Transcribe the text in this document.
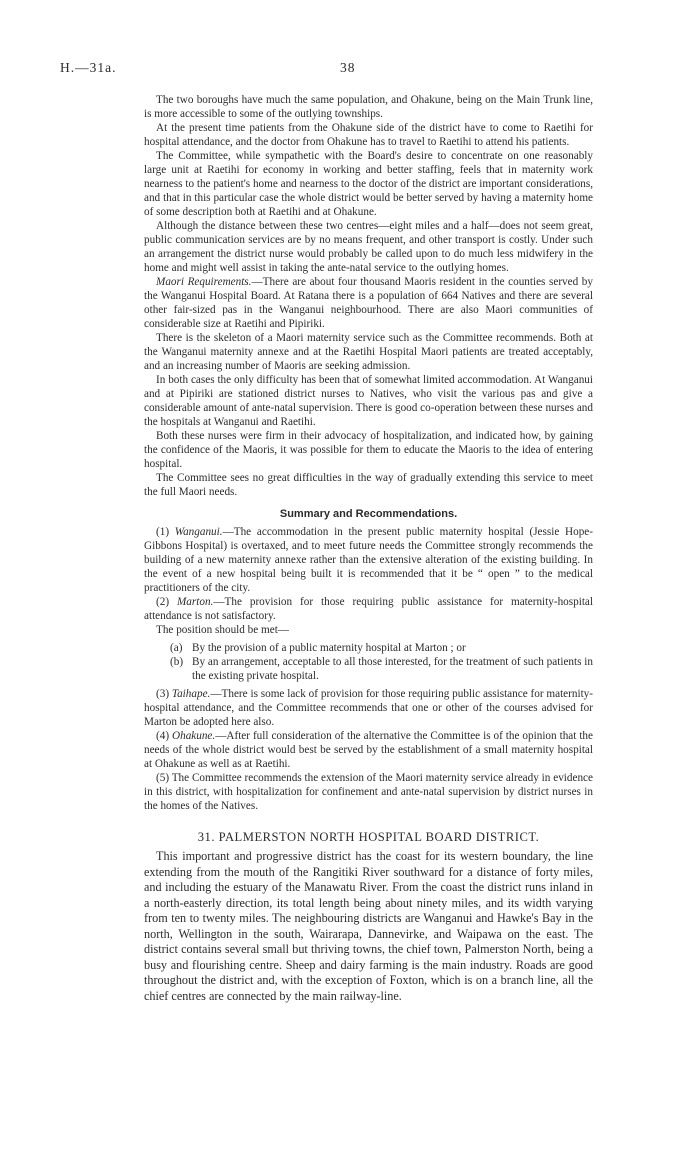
H.—31a.	38

The two boroughs have much the same population, and Ohakune, being on the Main Trunk line, is more accessible to some of the outlying townships.

At the present time patients from the Ohakune side of the district have to come to Raetihi for hospital attendance, and the doctor from Ohakune has to travel to Raetihi to attend his patients.

The Committee, while sympathetic with the Board's desire to concentrate on one reasonably large unit at Raetihi for economy in working and better staffing, feels that in maternity work nearness to the patient's home and nearness to the doctor of the district are important considerations, and that in this particular case the whole district would be better served by having a maternity home of some description both at Raetihi and at Ohakune.

Although the distance between these two centres—eight miles and a half—does not seem great, public communication services are by no means frequent, and other transport is costly. Under such an arrangement the district nurse would probably be called upon to do much less midwifery in the home and might well assist in taking the ante-natal service to the outlying homes.

Maori Requirements.—There are about four thousand Maoris resident in the counties served by the Wanganui Hospital Board. At Ratana there is a population of 664 Natives and there are several other fair-sized pas in the Wanganui neighbourhood. There are also Maori communities of considerable size at Raetihi and Pipiriki.

There is the skeleton of a Maori maternity service such as the Committee recommends. Both at the Wanganui maternity annexe and at the Raetihi Hospital Maori patients are treated acceptably, and an increasing number of Maoris are seeking admission.

In both cases the only difficulty has been that of somewhat limited accommodation. At Wanganui and at Pipiriki are stationed district nurses to Natives, who visit the various pas and give a considerable amount of ante-natal supervision. There is good co-operation between these nurses and the hospitals at Wanganui and Raetihi.

Both these nurses were firm in their advocacy of hospitalization, and indicated how, by gaining the confidence of the Maoris, it was possible for them to educate the Maoris to the idea of entering hospital.

The Committee sees no great difficulties in the way of gradually extending this service to meet the full Maori needs.

Summary and Recommendations.

(1) Wanganui.—The accommodation in the present public maternity hospital (Jessie Hope-Gibbons Hospital) is overtaxed, and to meet future needs the Committee strongly recommends the building of a new maternity annexe rather than the extensive alteration of the existing building. In the event of a new hospital being built it is recommended that it be “ open ” to the medical practitioners of the city.

(2) Marton.—The provision for those requiring public assistance for maternity-hospital attendance is not satisfactory.

The position should be met—

(a) By the provision of a public maternity hospital at Marton ; or
(b) By an arrangement, acceptable to all those interested, for the treatment of such patients in the existing private hospital.

(3) Taihape.—There is some lack of provision for those requiring public assistance for maternity-hospital attendance, and the Committee recommends that one or other of the courses advised for Marton be adopted here also.

(4) Ohakune.—After full consideration of the alternative the Committee is of the opinion that the needs of the whole district would best be served by the establishment of a small maternity hospital at Ohakune as well as at Raetihi.

(5) The Committee recommends the extension of the Maori maternity service already in evidence in this district, with hospitalization for confinement and ante-natal supervision by district nurses in the homes of the Natives.

31. PALMERSTON NORTH HOSPITAL BOARD DISTRICT.

This important and progressive district has the coast for its western boundary, the line extending from the mouth of the Rangitiki River southward for a distance of forty miles, and including the estuary of the Manawatu River. From the coast the district runs inland in a north-easterly direction, its total length being about ninety miles, and its width varying from ten to twenty miles. The neighbouring districts are Wanganui and Hawke's Bay in the north, Wellington in the south, Wairarapa, Dannevirke, and Waipawa on the east. The district contains several small but thriving towns, the chief town, Palmerston North, being a busy and flourishing centre. Sheep and dairy farming is the main industry. Roads are good throughout the district and, with the exception of Foxton, which is on a branch line, all the chief centres are connected by the main railway-line.
